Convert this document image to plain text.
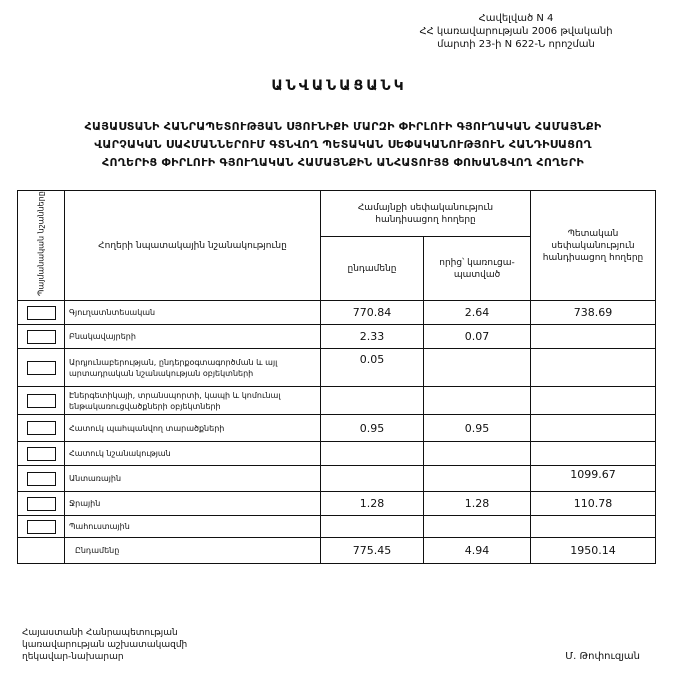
Հավելված N 4
ՀՀ կառավարության 2006 թվականի
մարտի 23-ի N 622-Ն որոշման
ԱՆՎԱՆԱՑԱՆԿ
ՀԱՅԱՍՏԱՆԻ ՀԱՆՐԱՊԵՏՈՒԹՅԱՆ ՍՅՈՒՆԻՔԻ ՄԱՐԶԻ ՓԻՐԼՈՒԻ ԳՅՈՒՂԱԿԱՆ ՀԱՄԱՅՆՔԻ
ՎԱՐՉԱԿԱՆ ՍԱՀՄԱՆՆԵՐՈՒՄ ԳՏՆՎՈՂ ՊԵՏԱԿԱՆ ՍԵՓԱԿԱՆՈՒԹՅՈՒՆ ՀԱՆԴԻՍԱՑՈՂ
ՀՈՂԵՐԻՑ ՓԻՐԼՈՒԻ ԳՅՈՒՂԱԿԱՆ ՀԱՄԱՅՆՔԻՆ ԱՆՀԱՏՈՒՅՑ ՓՈԽԱՆՑՎՈՂ ՀՈՂԵՐԻ
Պայմանական նշանները	Հողերի նպատակային նշանակությունը	Համայնքի սեփականություն հանդիսացող հողերը		Պետական սեփականություն հանդիսացող հողերը
		ընդամենը	որից՝ կառուցա- պատված	

	Գյուղատնտեսական	770.84	2.64	738.69

	Բնակավայրերի	2.33	0.07	

	Արդյունաբերության, ընդերքօգտագործման և այլ արտադրական նշանակության օբյեկտների	0.05		

	Էներգետիկայի, տրանսպորտի, կապի և կոմունալ ենթակառուցվածքների օբյեկտների			

	Հատուկ պահպանվող տարածքների	0.95	0.95	

	Հատուկ նշանակության			

	Անտառային			1099.67

	Ջրային	1.28	1.28	110.78

	Պահուստային			
	Ընդամենը	775.45	4.94	1950.14
Հայաստանի Հանրապետության
կառավարության աշխատակազմի
ղեկավար-նախարար	Մ. Թոփուզյան
